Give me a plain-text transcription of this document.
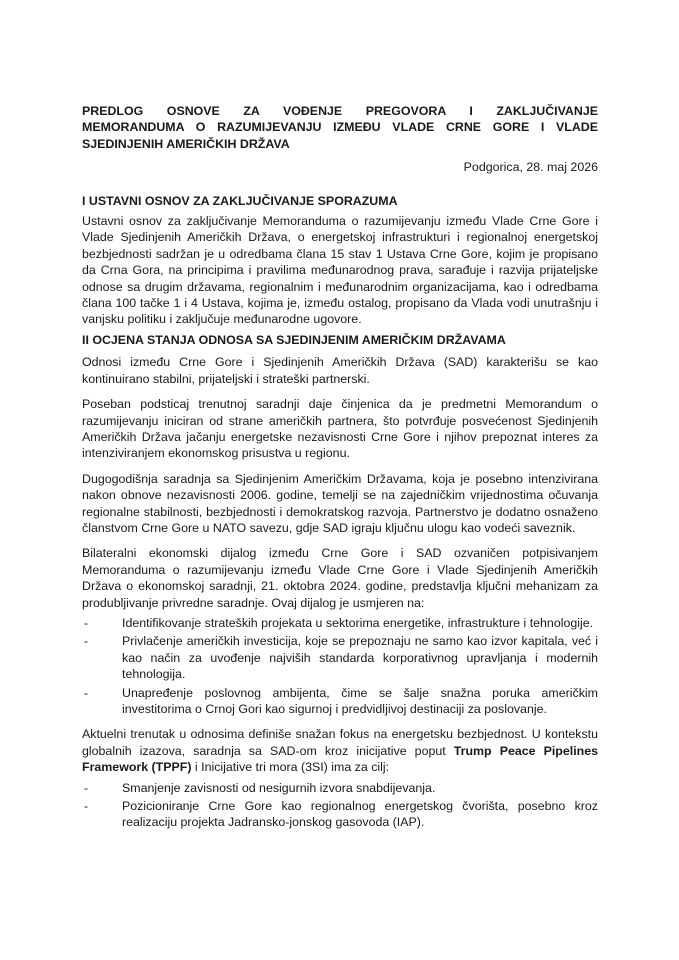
PREDLOG OSNOVE ZA VOĐENJE PREGOVORA I ZAKLJUČIVANJE
MEMORANDUMA O RAZUMIJEVANJU IZMEĐU VLADE CRNE GORE I VLADE
SJEDINJENIH AMERIČKIH DRŽAVA

Podgorica, 28. maj 2026

I USTAVNI OSNOV ZA ZAKLJUČIVANJE SPORAZUMA

Ustavni osnov za zaključivanje Memoranduma o razumijevanju između Vlade Crne Gore i Vlade Sjedinjenih Američkih Država, o energetskoj infrastrukturi i regionalnoj energetskoj bezbjednosti sadržan je u odredbama člana 15 stav 1 Ustava Crne Gore, kojim je propisano da Crna Gora, na principima i pravilima međunarodnog prava, sarađuje i razvija prijateljske odnose sa drugim državama, regionalnim i međunarodnim organizacijama, kao i odredbama člana 100 tačke 1 i 4 Ustava, kojima je, između ostalog, propisano da Vlada vodi unutrašnju i vanjsku politiku i zaključuje međunarodne ugovore.

II OCJENA STANJA ODNOSA SA SJEDINJENIM AMERIČKIM DRŽAVAMA

Odnosi između Crne Gore i Sjedinjenih Američkih Država (SAD) karakterišu se kao kontinuirano stabilni, prijateljski i strateški partnerski.

Poseban podsticaj trenutnoj saradnji daje činjenica da je predmetni Memorandum o razumijevanju iniciran od strane američkih partnera, što potvrđuje posvećenost Sjedinjenih Američkih Država jačanju energetske nezavisnosti Crne Gore i njihov prepoznat interes za intenziviranjem ekonomskog prisustva u regionu.

Dugogodišnja saradnja sa Sjedinjenim Američkim Državama, koja je posebno intenzivirana nakon obnove nezavisnosti 2006. godine, temelji se na zajedničkim vrijednostima očuvanja regionalne stabilnosti, bezbjednosti i demokratskog razvoja. Partnerstvo je dodatno osnaženo članstvom Crne Gore u NATO savezu, gdje SAD igraju ključnu ulogu kao vodeći saveznik.

Bilateralni ekonomski dijalog između Crne Gore i SAD ozvaničen potpisivanjem Memoranduma o razumijevanju između Vlade Crne Gore i Vlade Sjedinjenih Američkih Država o ekonomskoj saradnji, 21. oktobra 2024. godine, predstavlja ključni mehanizam za produbljivanje privredne saradnje. Ovaj dijalog je usmjeren na:

-	Identifikovanje strateških projekata u sektorima energetike, infrastrukture i tehnologije.
-	Privlačenje američkih investicija, koje se prepoznaju ne samo kao izvor kapitala, već i kao način za uvođenje najviših standarda korporativnog upravljanja i modernih tehnologija.
-	Unapređenje poslovnog ambijenta, čime se šalje snažna poruka američkim investitorima o Crnoj Gori kao sigurnoj i predvidljivoj destinaciji za poslovanje.

Aktuelni trenutak u odnosima definiše snažan fokus na energetsku bezbjednost. U kontekstu globalnih izazova, saradnja sa SAD-om kroz inicijative poput Trump Peace Pipelines Framework (TPPF) i Inicijative tri mora (3SI) ima za cilj:

-	Smanjenje zavisnosti od nesigurnih izvora snabdijevanja.
-	Pozicioniranje Crne Gore kao regionalnog energetskog čvorišta, posebno kroz realizaciju projekta Jadransko-jonskog gasovoda (IAP).
